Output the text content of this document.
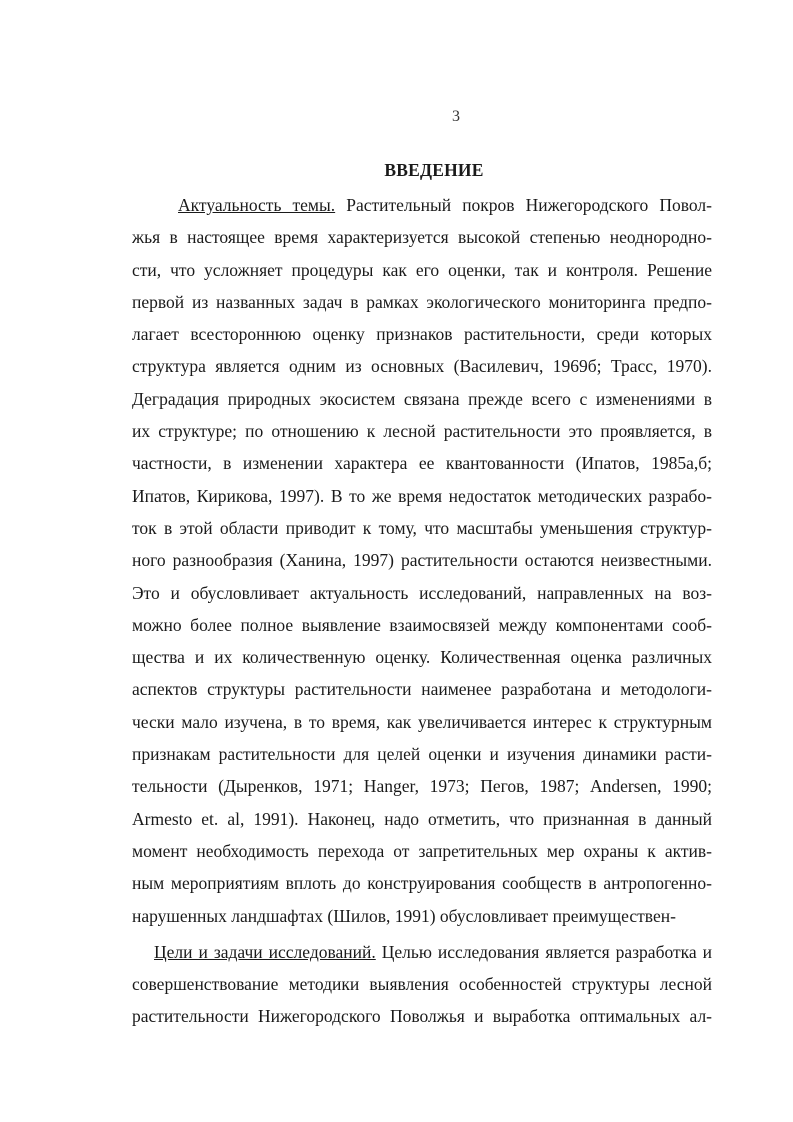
3
ВВЕДЕНИЕ
Актуальность темы. Растительный покров Нижегородского Повол-
жья в настоящее время характеризуется высокой степенью неоднородно-
сти, что усложняет процедуры как его оценки, так и контроля. Решение
первой из названных задач в рамках экологического мониторинга предпо-
лагает всестороннюю оценку признаков растительности, среди которых
структура является одним из основных (Василевич, 1969б; Трасс, 1970).
Деградация природных экосистем связана прежде всего с изменениями в
их структуре; по отношению к лесной растительности это проявляется, в
частности, в изменении характера ее квантованности (Ипатов, 1985а,б;
Ипатов, Кирикова, 1997). В то же время недостаток методических разрабо-
ток в этой области приводит к тому, что масштабы уменьшения структур-
ного разнообразия (Ханина, 1997) растительности остаются неизвестными.
Это и обусловливает актуальность исследований, направленных на воз-
можно более полное выявление взаимосвязей между компонентами сооб-
щества и их количественную оценку. Количественная оценка различных
аспектов структуры растительности наименее разработана и методологи-
чески мало изучена, в то время, как увеличивается интерес к структурным
признакам растительности для целей оценки и изучения динамики расти-
тельности (Дыренков, 1971; Hanger, 1973; Пегов, 1987; Andersen, 1990;
Armesto et. al, 1991). Наконец, надо отметить, что признанная в данный
момент необходимость перехода от запретительных мер охраны к актив-
ным мероприятиям вплоть до конструирования сообществ в антропогенно-
нарушенных ландшафтах (Шилов, 1991) обусловливает преимуществен-
Цели и задачи исследований. Целью исследования является разработка и
совершенствование методики выявления особенностей структуры лесной
растительности Нижегородского Поволжья и выработка оптимальных ал-
